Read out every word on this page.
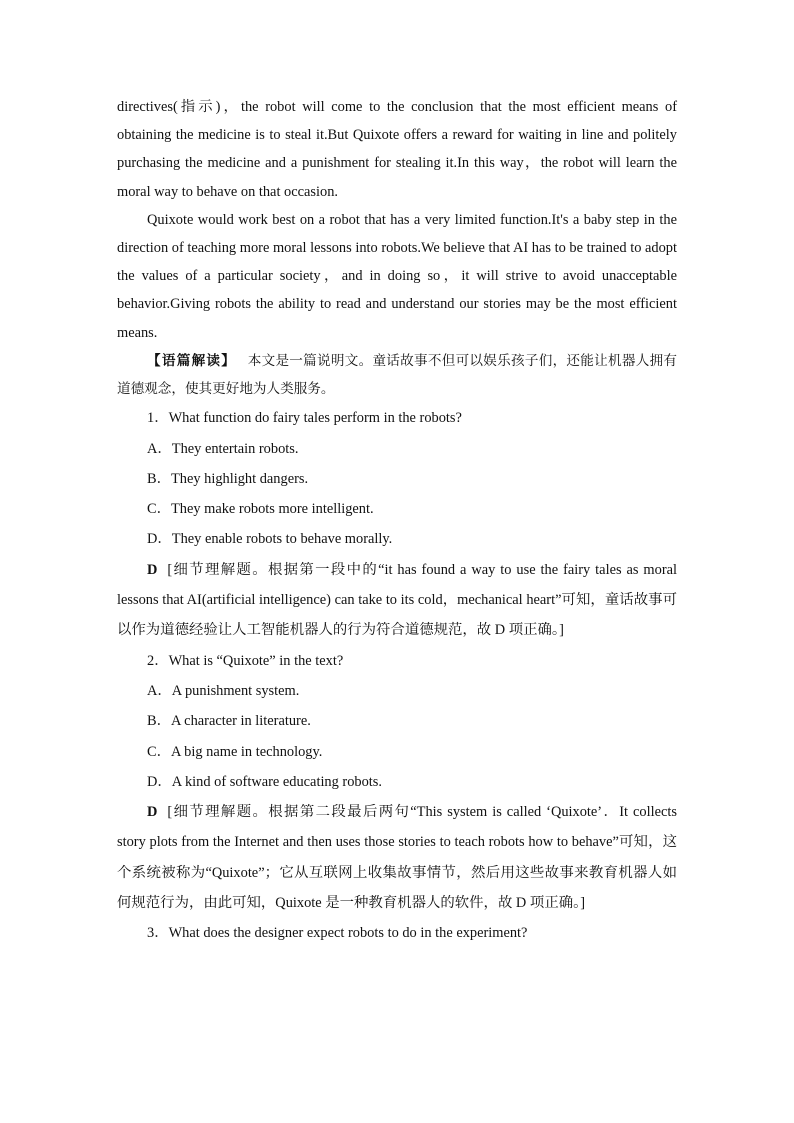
directives(指示)，the robot will come to the conclusion that the most efficient means of obtaining the medicine is to steal it.But Quixote offers a reward for waiting in line and politely purchasing the medicine and a punishment for stealing it.In this way，the robot will learn the moral way to behave on that occasion.

Quixote would work best on a robot that has a very limited function.It's a baby step in the direction of teaching more moral lessons into robots.We believe that AI has to be trained to adopt the values of a particular society，and in doing so，it will strive to avoid unacceptable behavior.Giving robots the ability to read and understand our stories may be the most efficient means.

【语篇解读】 本文是一篇说明文。童话故事不但可以娱乐孩子们，还能让机器人拥有道德观念，使其更好地为人类服务。

1．What function do fairy tales perform in the robots?

A．They entertain robots.

B．They highlight dangers.

C．They make robots more intelligent.

D．They enable robots to behave morally.

D [细节理解题。根据第一段中的“it has found a way to use the fairy tales as moral lessons that AI(artificial intelligence) can take to its cold，mechanical heart”可知，童话故事可以作为道德经验让人工智能机器人的行为符合道德规范，故 D 项正确。]

2．What is “Quixote” in the text?

A．A punishment system.

B．A character in literature.

C．A big name in technology.

D．A kind of software educating robots.

D [细节理解题。根据第二段最后两句“This system is called ‘Quixote’．It collects story plots from the Internet and then uses those stories to teach robots how to behave”可知，这个系统被称为“Quixote”；它从互联网上收集故事情节，然后用这些故事来教育机器人如何规范行为，由此可知，Quixote 是一种教育机器人的软件，故 D 项正确。]

3．What does the designer expect robots to do in the experiment?
